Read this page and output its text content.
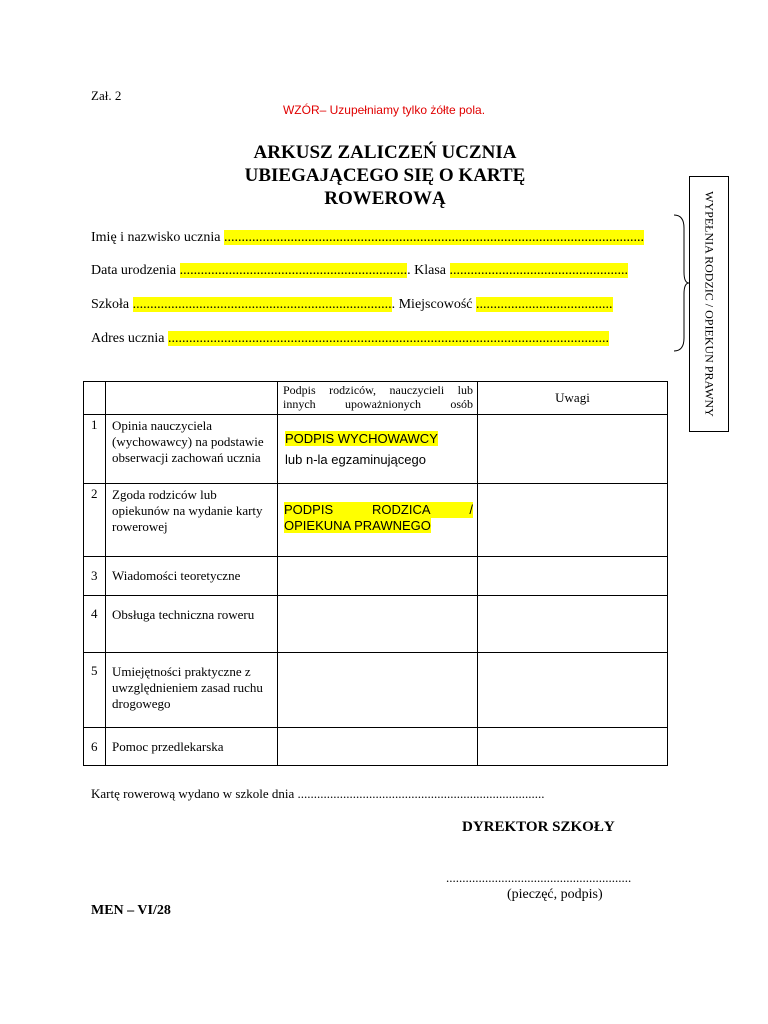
Zał. 2
WZÓR– Uzupełniamy tylko żółte pola.
ARKUSZ ZALICZEŃ UCZNIA
UBIEGAJĄCEGO SIĘ O KARTĘ
ROWEROWĄ
Imię i nazwisko ucznia ........................................................................................................................
Data urodzenia .................................................................. Klasa ...................................................
Szkoła ........................................................................... Miejscowość .......................................
Adres ucznia ..............................................................................................................................	WYPEŁNIA RODZIC / OPIEKUN PRAWNY
		Podpis rodziców, nauczycieli lub innych upoważnionych osób	Uwagi
1	Opinia nauczyciela (wychowawcy) na podstawie obserwacji zachowań ucznia	PODPIS WYCHOWAWCY
lub n-la egzaminującego	

2	Zgoda rodziców lub opiekunów na wydanie karty rowerowej	PODPIS RODZICA /
OPIEKUNA PRAWNEGO	
3	Wiadomości teoretyczne		
4	Obsługa techniczna roweru		
5	Umiejętności praktyczne z uwzględnieniem zasad ruchu drogowego		
6	Pomoc przedlekarska		
Kartę rowerową wydano w szkole dnia ............................................................................
DYREKTOR SZKOŁY
.........................................................
(pieczęć, podpis)
MEN – VI/28
